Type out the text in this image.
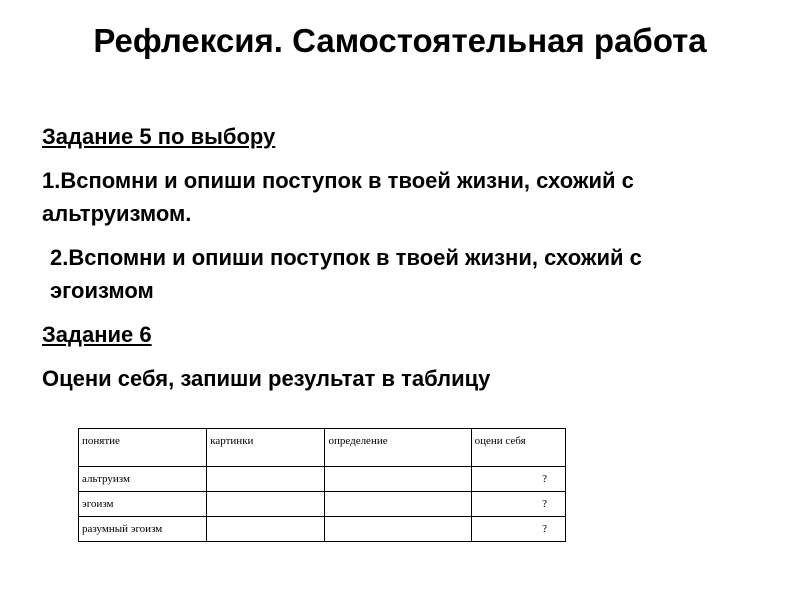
Рефлексия. Самостоятельная работа

Задание 5 по выбору

1.Вспомни и опиши поступок в твоей жизни, схожий с альтруизмом.

2.Вспомни и опиши поступок в твоей жизни, схожий с эгоизмом

Задание 6

Оцени себя, запиши результат в таблицу

понятие	картинки	определение	оцени себя
альтруизм			?
эгоизм			?
разумный эгоизм			?
